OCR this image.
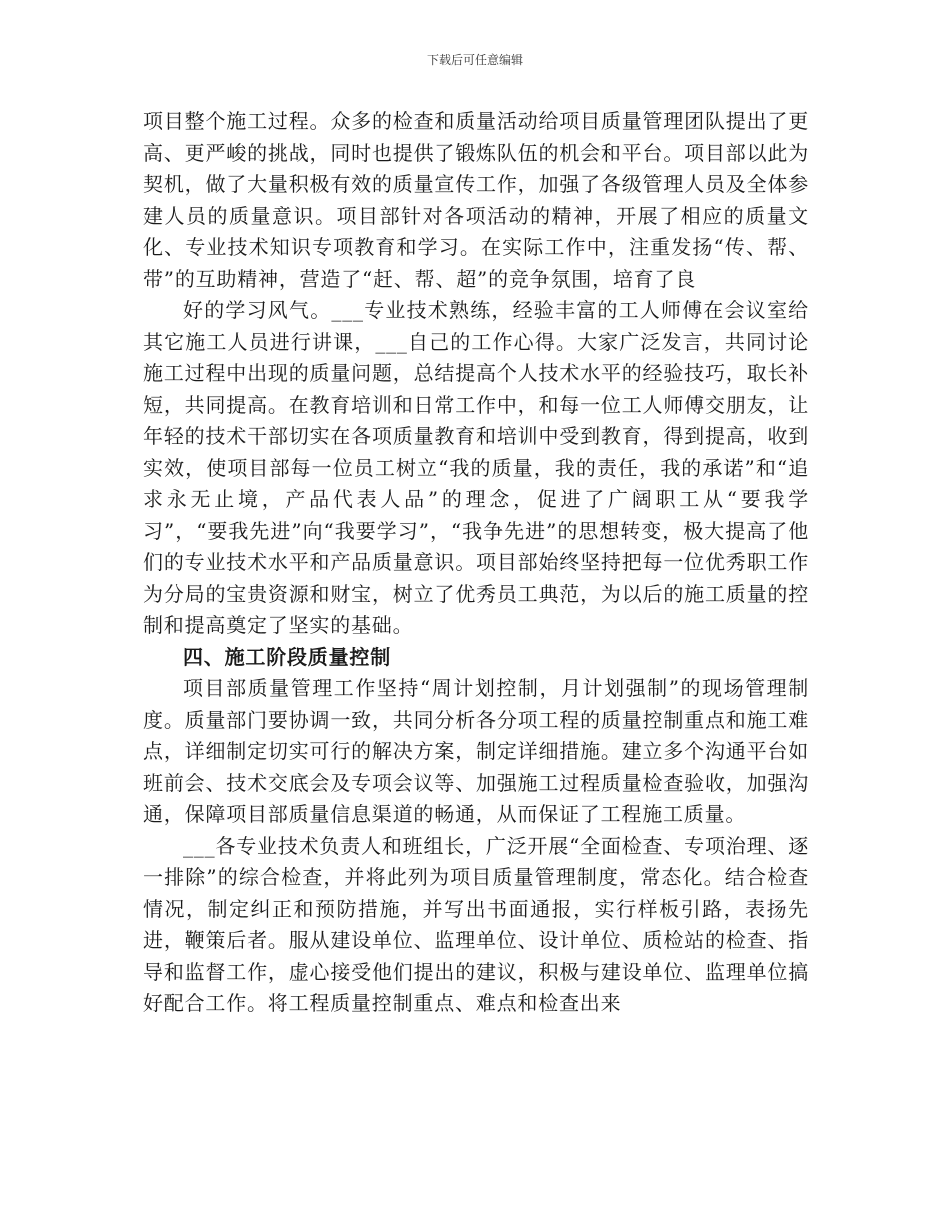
下载后可任意编辑

项目整个施工过程。众多的检查和质量活动给项目质量管理团队提出了更高、更严峻的挑战，同时也提供了锻炼队伍的机会和平台。项目部以此为契机，做了大量积极有效的质量宣传工作，加强了各级管理人员及全体参建人员的质量意识。项目部针对各项活动的精神，开展了相应的质量文化、专业技术知识专项教育和学习。在实际工作中，注重发扬“传、帮、带”的互助精神，营造了“赶、帮、超”的竞争氛围，培育了良

好的学习风气。___专业技术熟练，经验丰富的工人师傅在会议室给其它施工人员进行讲课，___自己的工作心得。大家广泛发言，共同讨论施工过程中出现的质量问题，总结提高个人技术水平的经验技巧，取长补短，共同提高。在教育培训和日常工作中，和每一位工人师傅交朋友，让年轻的技术干部切实在各项质量教育和培训中受到教育，得到提高，收到实效，使项目部每一位员工树立“我的质量，我的责任，我的承诺”和“追求永无止境，产品代表人品”的理念，促进了广阔职工从“要我学习”，“要我先进”向“我要学习”，“我争先进”的思想转变，极大提高了他们的专业技术水平和产品质量意识。项目部始终坚持把每一位优秀职工作为分局的宝贵资源和财宝，树立了优秀员工典范，为以后的施工质量的控制和提高奠定了坚实的基础。

四、施工阶段质量控制

项目部质量管理工作坚持“周计划控制，月计划强制”的现场管理制度。质量部门要协调一致，共同分析各分项工程的质量控制重点和施工难点，详细制定切实可行的解决方案，制定详细措施。建立多个沟通平台如班前会、技术交底会及专项会议等、加强施工过程质量检查验收，加强沟通，保障项目部质量信息渠道的畅通，从而保证了工程施工质量。

___各专业技术负责人和班组长，广泛开展“全面检查、专项治理、逐一排除”的综合检查，并将此列为项目质量管理制度，常态化。结合检查情况，制定纠正和预防措施，并写出书面通报，实行样板引路，表扬先进，鞭策后者。服从建设单位、监理单位、设计单位、质检站的检查、指导和监督工作，虚心接受他们提出的建议，积极与建设单位、监理单位搞好配合工作。将工程质量控制重点、难点和检查出来
